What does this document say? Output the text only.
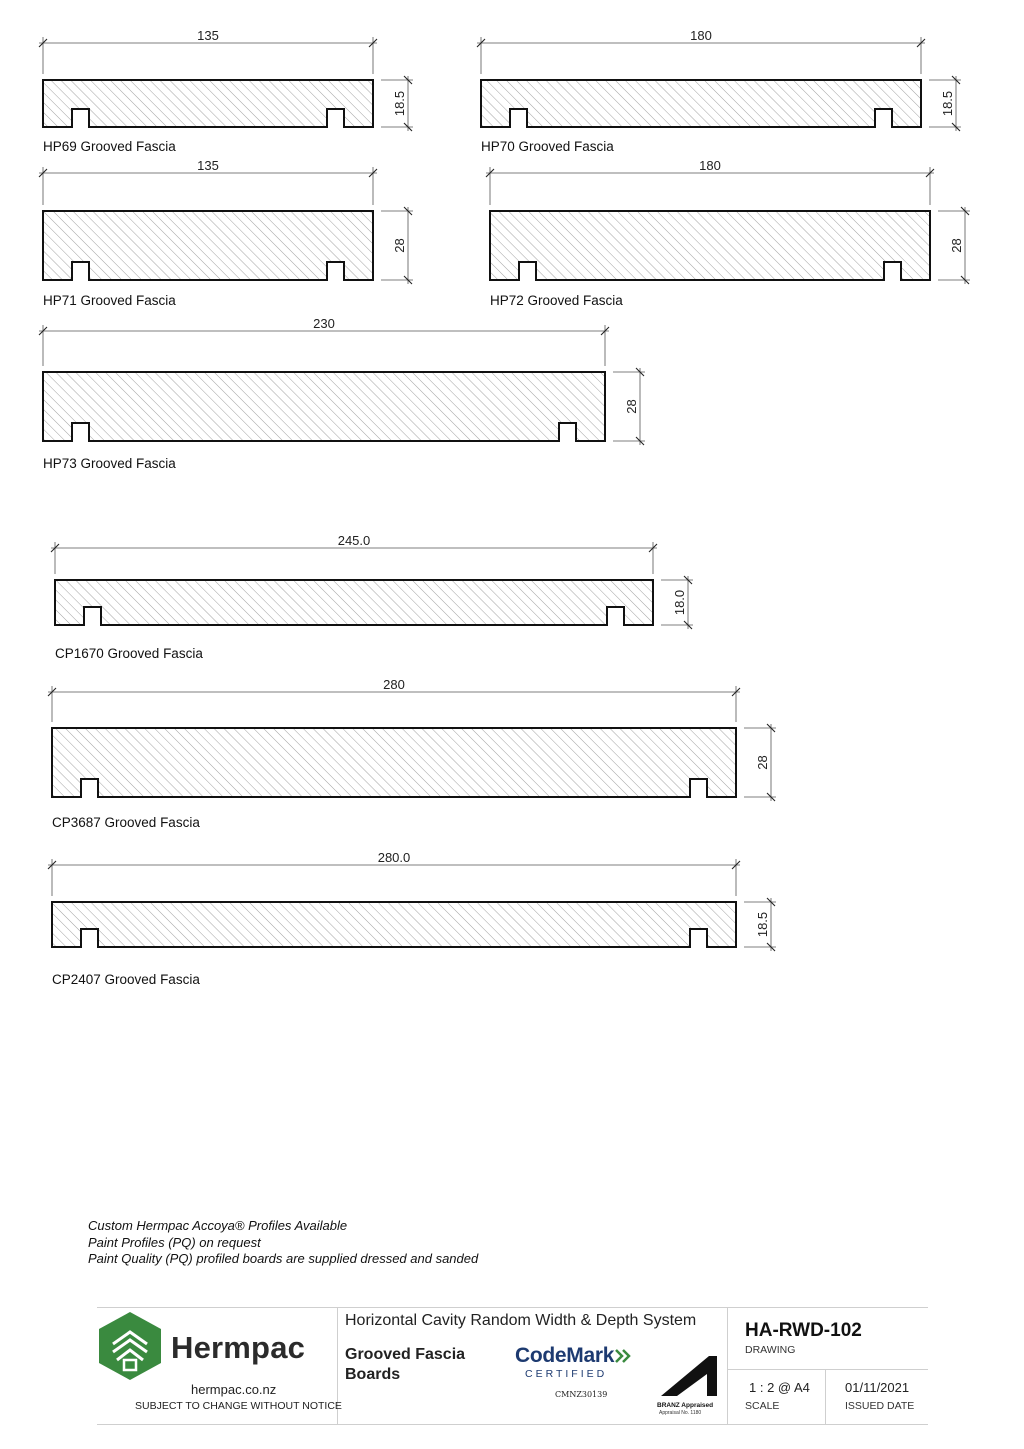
135
18.5
HP69 Grooved Fascia
180
18.5
HP70 Grooved Fascia
135
28
HP71 Grooved Fascia
180
28
HP72 Grooved Fascia
230
28
HP73 Grooved Fascia
245.0
18.0
CP1670 Grooved Fascia
280
28
CP3687 Grooved Fascia
280.0
18.5
CP2407 Grooved Fascia
Custom Hermpac Accoya® Profiles Available
Paint Profiles (PQ) on request
Paint Quality (PQ) profiled boards are supplied dressed and sanded
Hermpac
hermpac.co.nz
SUBJECT TO CHANGE WITHOUT NOTICE
Horizontal Cavity Random Width & Depth System
Grooved Fascia
Boards
CodeMark
CERTIFIED
CMNZ30139
BRANZ Appraised
Appraisal No. 1180
HA-RWD-102
DRAWING
1 : 2 @ A4
SCALE
01/11/2021
ISSUED DATE
